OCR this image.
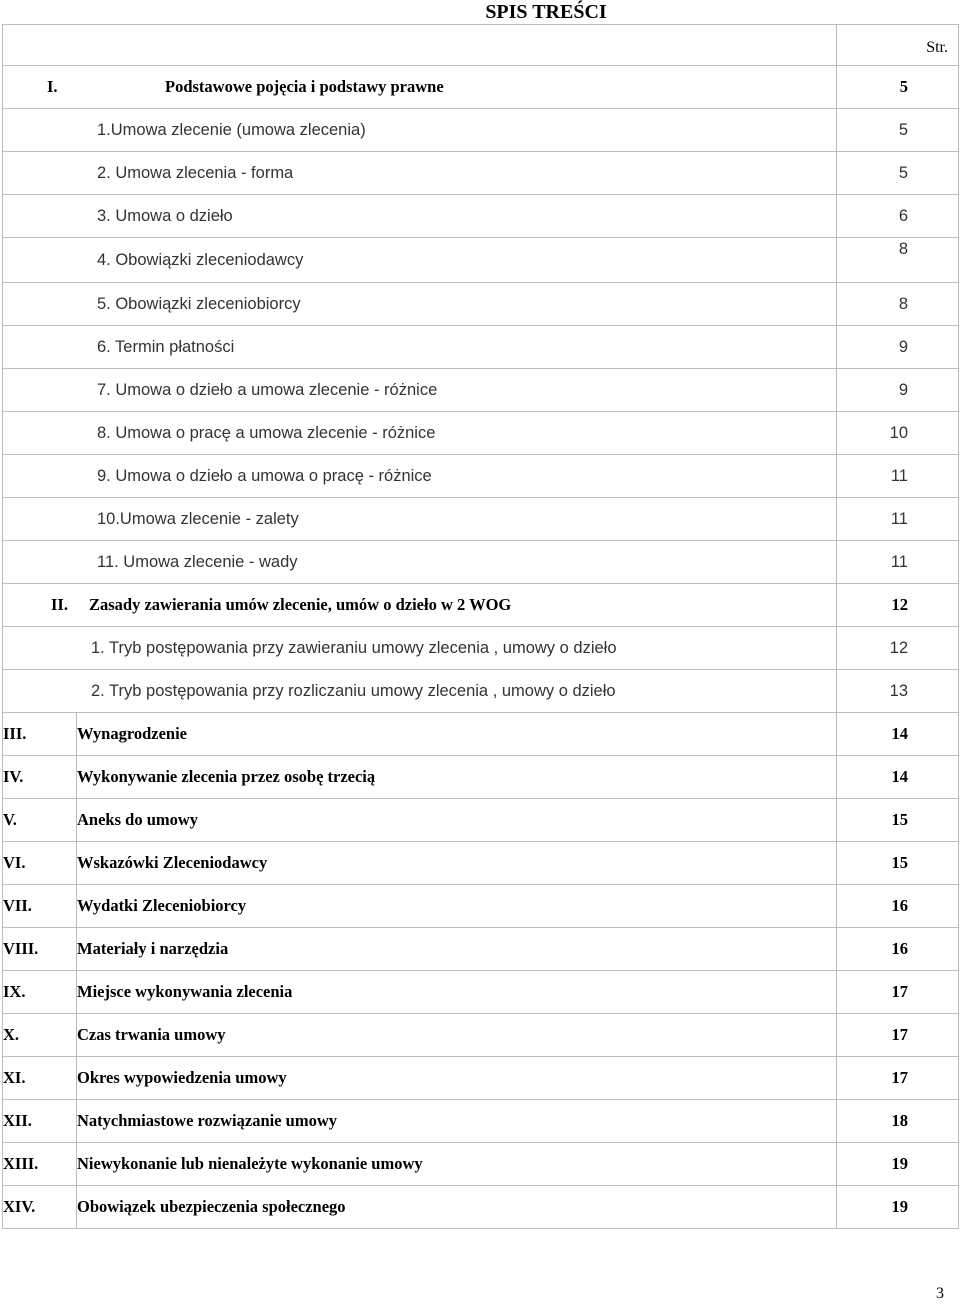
SPIS TREŚCI

		Str.

I. Podstawowe pojęcia i podstawy prawne		5
1.Umowa zlecenie (umowa zlecenia)		5
2. Umowa zlecenia - forma		5
3. Umowa o dzieło		6
4. Obowiązki zleceniodawcy		8
5. Obowiązki zleceniobiorcy		8
6. Termin płatności		9
7. Umowa o dzieło a umowa zlecenie - różnice		9
8. Umowa o pracę a umowa zlecenie - różnice		10
9. Umowa o dzieło a umowa o pracę - różnice		11
10.Umowa zlecenie - zalety		11
11. Umowa zlecenie - wady		11
II. Zasady zawierania umów zlecenie, umów o dzieło w 2 WOG		12
1. Tryb postępowania przy zawieraniu umowy zlecenia , umowy o dzieło		12
2. Tryb postępowania przy rozliczaniu umowy zlecenia , umowy o dzieło		13
III.	Wynagrodzenie	14
IV.	Wykonywanie zlecenia przez osobę trzecią	14
V.	Aneks do umowy	15
VI.	Wskazówki Zleceniodawcy	15
VII.	Wydatki Zleceniobiorcy	16
VIII.	Materiały i narzędzia	16
IX.	Miejsce wykonywania zlecenia	17
X.	Czas trwania umowy	17
XI.	Okres wypowiedzenia umowy	17
XII.	Natychmiastowe rozwiązanie umowy	18
XIII.	Niewykonanie lub nienależyte wykonanie umowy	19
XIV.	Obowiązek ubezpieczenia społecznego	19
3
